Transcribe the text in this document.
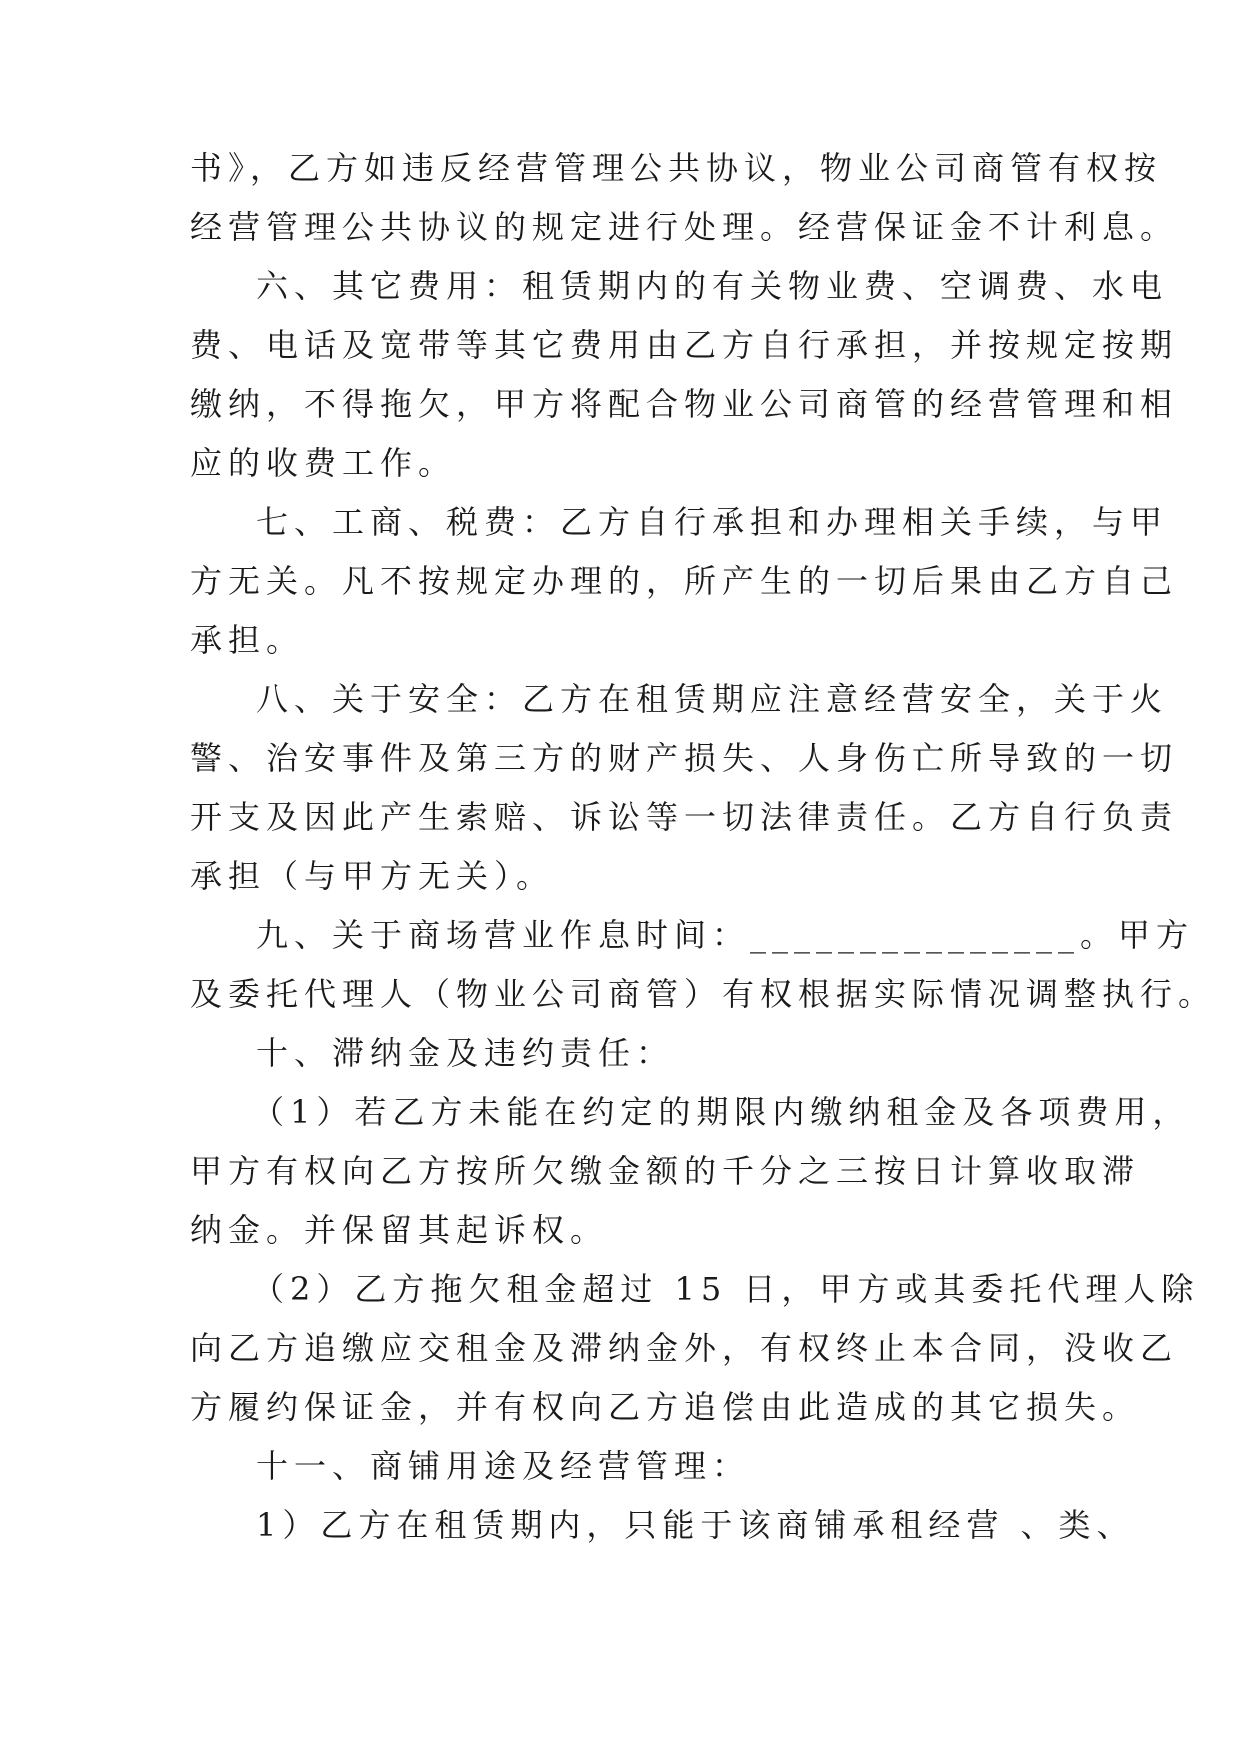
书》，乙方如违反经营管理公共协议，物业公司商管有权按
经营管理公共协议的规定进行处理。经营保证金不计利息。
六、其它费用：租赁期内的有关物业费、空调费、水电
费、电话及宽带等其它费用由乙方自行承担，并按规定按期
缴纳，不得拖欠，甲方将配合物业公司商管的经营管理和相
应的收费工作。
七、工商、税费：乙方自行承担和办理相关手续，与甲
方无关。凡不按规定办理的，所产生的一切后果由乙方自己
承担。
八、关于安全：乙方在租赁期应注意经营安全，关于火
警、治安事件及第三方的财产损失、人身伤亡所导致的一切
开支及因此产生索赔、诉讼等一切法律责任。乙方自行负责
承担（与甲方无关）。
九、关于商场营业作息时间：_______________。甲方
及委托代理人（物业公司商管）有权根据实际情况调整执行。
十、滞纳金及违约责任：
（1）若乙方未能在约定的期限内缴纳租金及各项费用，
甲方有权向乙方按所欠缴金额的千分之三按日计算收取滞
纳金。并保留其起诉权。
（2）乙方拖欠租金超过 15 日，甲方或其委托代理人除
向乙方追缴应交租金及滞纳金外，有权终止本合同，没收乙
方履约保证金，并有权向乙方追偿由此造成的其它损失。
十一、商铺用途及经营管理：
1）乙方在租赁期内，只能于该商铺承租经营 、类、
